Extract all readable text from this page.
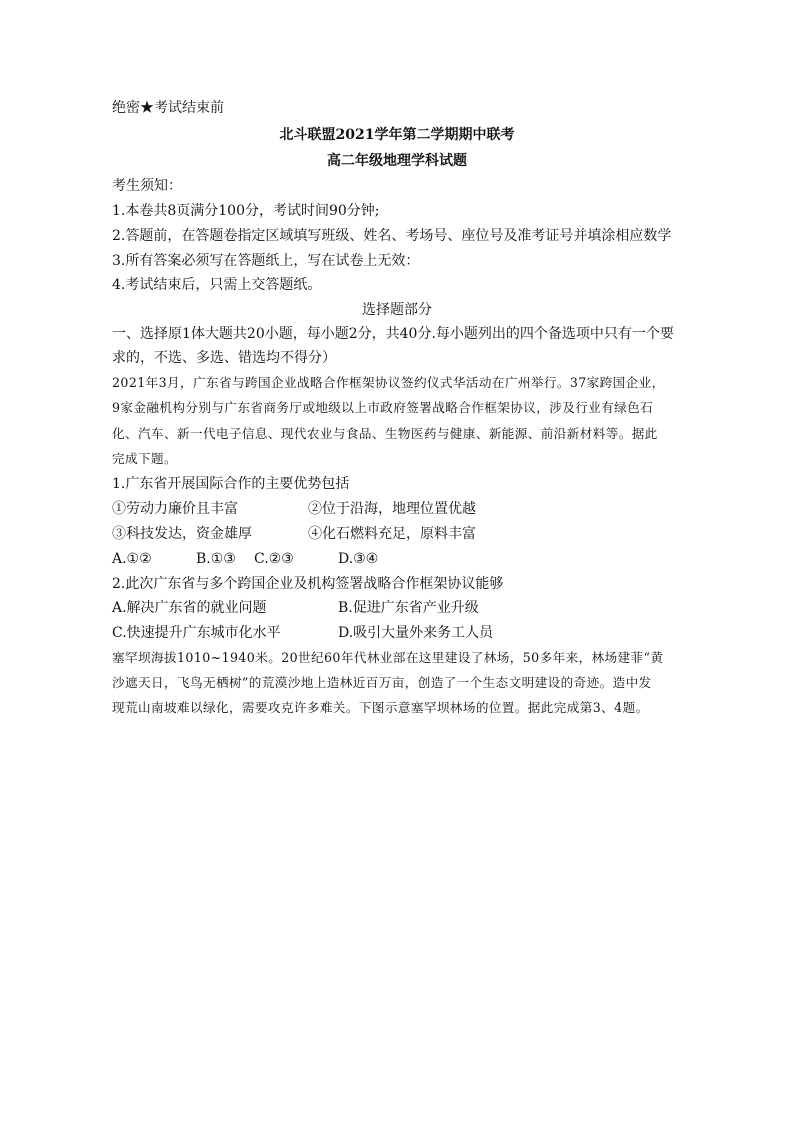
绝密★考试结束前
北斗联盟2021学年第二学期期中联考
高二年级地理学科试题
考生须知：
1.本卷共8页满分100分，考试时间90分钟;
2.答题前，在答题卷指定区域填写班级、姓名、考场号、座位号及准考证号并填涂相应数学
3.所有答案必须写在答题纸上，写在试卷上无效：
4.考试结束后，只需上交答题纸。
选择题部分
一、选择原1体大题共20小题，每小题2分，共40分.每小题列出的四个备选项中只有一个要
求的，不选、多选、错选均不得分）
2021年3月，广东省与跨国企业战略合作框架协议签约仪式华活动在广州举行。37家跨国企业，
9家金融机构分别与广东省商务厅或地级以上市政府签署战略合作框架协议，涉及行业有绿色石
化、汽车、新一代电子信息、现代农业与食品、生物医药与健康、新能源、前沿新材料等。据此
完成下题。
1.广东省开展国际合作的主要优势包括
①劳动力廉价且丰富	②位于沿海，地理位置优越
③科技发达，资金雄厚	④化石燃料充足，原料丰富
A.①②	B.①③ C.②③	D.③④
2.此次广东省与多个跨国企业及机构签署战略合作框架协议能够
A.解决广东省的就业问题	B.促进广东省产业升级
C.快速提升广东城市化水平	D.吸引大量外来务工人员
塞罕坝海拔1010~1940米。20世纪60年代林业部在这里建设了林场，50多年来，林场建菲“黄
沙遮天日，飞鸟无栖树”的荒漠沙地上造林近百万亩，创造了一个生态文明建设的奇迹。造中发
现荒山南坡难以绿化，需要攻克许多难关。下图示意塞罕坝林场的位置。据此完成第3、4题。
